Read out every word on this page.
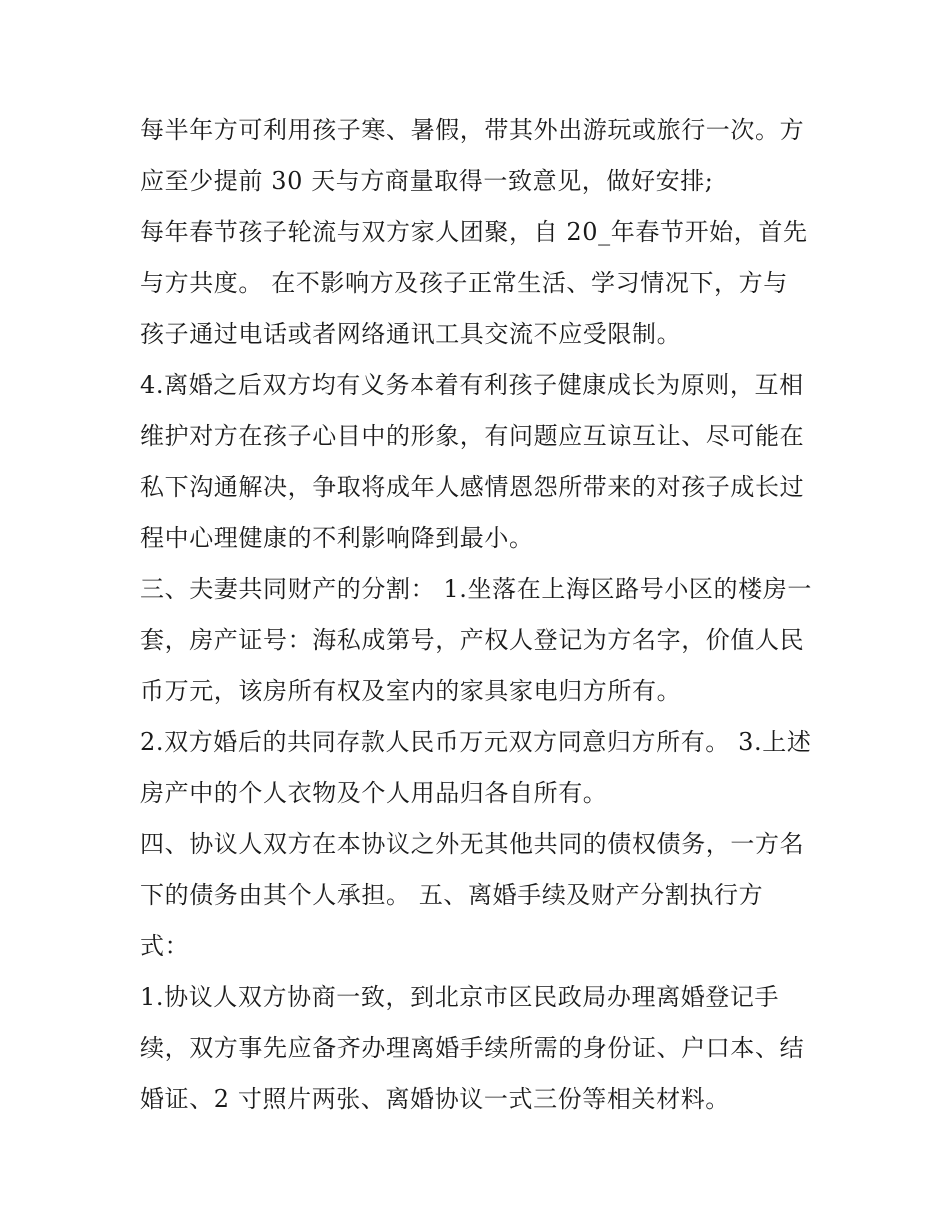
每半年方可利用孩子寒、暑假，带其外出游玩或旅行一次。方
应至少提前 30 天与方商量取得一致意见，做好安排;
每年春节孩子轮流与双方家人团聚，自 20_年春节开始，首先
与方共度。 在不影响方及孩子正常生活、学习情况下，方与
孩子通过电话或者网络通讯工具交流不应受限制。
4.离婚之后双方均有义务本着有利孩子健康成长为原则，互相
维护对方在孩子心目中的形象，有问题应互谅互让、尽可能在
私下沟通解决，争取将成年人感情恩怨所带来的对孩子成长过
程中心理健康的不利影响降到最小。
三、夫妻共同财产的分割： 1.坐落在上海区路号小区的楼房一
套，房产证号：海私成第号，产权人登记为方名字，价值人民
币万元，该房所有权及室内的家具家电归方所有。
2.双方婚后的共同存款人民币万元双方同意归方所有。 3.上述
房产中的个人衣物及个人用品归各自所有。
四、协议人双方在本协议之外无其他共同的债权债务，一方名
下的债务由其个人承担。 五、离婚手续及财产分割执行方
式：
1.协议人双方协商一致，到北京市区民政局办理离婚登记手
续，双方事先应备齐办理离婚手续所需的身份证、户口本、结
婚证、2 寸照片两张、离婚协议一式三份等相关材料。
